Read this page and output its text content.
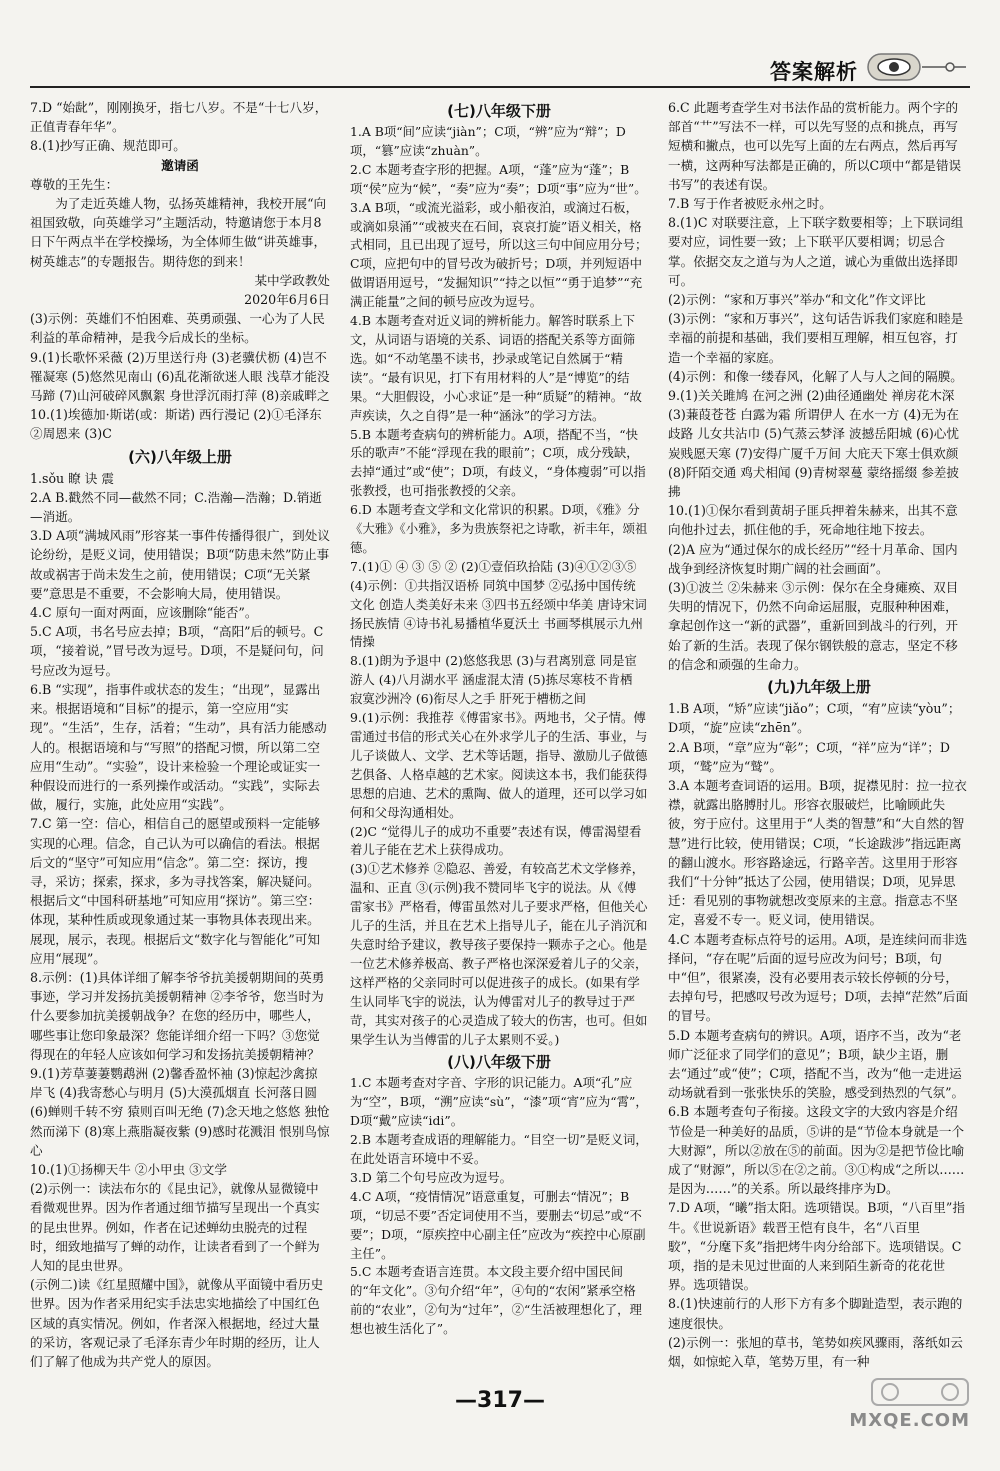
答案解析

7.D “始龀”，刚刚换牙，指七八岁。不是“十七八岁，正值青春年华”。

8.(1)抄写正确、规范即可。

邀请函

尊敬的王先生：

为了走近英雄人物，弘扬英雄精神，我校开展“向祖国致敬，向英雄学习”主题活动，特邀请您于本月8日下午两点半在学校操场，为全体师生做“讲英雄事，树英雄志”的专题报告。期待您的到来！

某中学政教处

2020年6月6日

(3)示例：英雄们不怕困难、英勇顽强、一心为了人民利益的革命精神，是我今后成长的坐标。

9.(1)长歌怀采薇 (2)万里送行舟 (3)老骥伏枥 (4)岂不罹凝寒 (5)悠然见南山 (6)乱花渐欲迷人眼 浅草才能没马蹄 (7)山河破碎风飘絮 身世浮沉雨打萍 (8)亲戚畔之

10.(1)埃德加·斯诺(或：斯诺) 西行漫记 (2)①毛泽东 ②周恩来 (3)C

(六)八年级上册

1.sǒu 瞭 诀 震

2.A B.戳然不同—截然不同；C.浩瀚—浩瀚；D.销逝—消逝。

3.D A项“满城风雨”形容某一事件传播得很广，到处议论纷纷，是贬义词，使用错误；B项“防患未然”防止事故或祸害于尚未发生之前，使用错误；C项“无关紧要”意思是不重要，不会影响大局，使用错误。

4.C 原句一面对两面，应该删除“能否”。

5.C A项，书名号应去掉；B项，“高阳”后的顿号。C项，“接着说，”冒号改为逗号。D项，不是疑问句，问号应改为逗号。

6.B “实现”，指事件或状态的发生；“出现”，显露出来。根据语境和“目标”的提示，第一空应用“实现”。“生活”，生存，活着；“生动”，具有活力能感动人的。根据语境和与“写照”的搭配习惯，所以第二空应用“生动”。“实验”，设计来检验一个理论或证实一种假设而进行的一系列操作或活动。“实践”，实际去做，履行，实施，此处应用“实践”。

7.C 第一空：信心，相信自己的愿望或预料一定能够实现的心理。信念，自己认为可以确信的看法。根据后文的“坚守”可知应用“信念”。第二空：探访，搜寻，采访；探索，探求，多为寻找答案，解决疑问。根据后文“中国科研基地”可知应用“探访”。第三空：体现，某种性质或现象通过某一事物具体表现出来。展现，展示，表现。根据后文“数字化与智能化”可知应用“展现”。

8.示例：(1)具体详细了解李爷爷抗美援朝期间的英勇事迹，学习并发扬抗美援朝精神 ②李爷爷，您当时为什么要参加抗美援朝战争？在您的经历中，哪些人，哪些事让您印象最深？您能详细介绍一下吗？③您觉得现在的年轻人应该如何学习和发扬抗美援朝精神？

9.(1)芳草萋萋鹦鹉洲 (2)馨香盈怀袖 (3)惊起沙禽掠岸飞 (4)我寄愁心与明月 (5)大漠孤烟直 长河落日圆 (6)蝉则千转不穷 猿则百叫无绝 (7)念天地之悠悠 独怆然而涕下 (8)寒上燕脂凝夜紫 (9)感时花溅泪 恨别鸟惊心

10.(1)①扬柳天牛 ②小甲虫 ③文学

(2)示例一：读法布尔的《昆虫记》，就像从显微镜中看微观世界。因为作者通过细节描写呈现出一个真实的昆虫世界。例如，作者在记述蝉幼虫脱壳的过程时，细致地描写了蝉的动作，让读者看到了一个鲜为人知的昆虫世界。

(示例二)读《红星照耀中国》，就像从平面镜中看历史世界。因为作者采用纪实手法忠实地描绘了中国红色区域的真实情况。例如，作者深入根据地，经过大量的采访，客观记录了毛泽东青少年时期的经历，让人们了解了他成为共产党人的原因。

(七)八年级下册

1.A B项“间”应读“jiàn”；C项，“辨”应为“辩”；D项，“篡”应读“zhuàn”。

2.C 本题考查字形的把握。A项，“蓬”应为“蓬”；B项“侯”应为“候”，“奏”应为“奏”；D项“事”应为“世”。

3.A B项，“或流光溢彩，或小船夜泊，或滴过石板，或滴如泉涌”“或被夹在石间，哀哀打旋”语义相关，格式相同，且已出现了逗号，所以这三句中间应用分号；C项，应把句中的冒号改为破折号；D项，并列短语中做谓语用逗号，“发掘知识”“持之以恒”“勇于追梦”“充满正能量”之间的顿号应改为逗号。

4.B 本题考查对近义词的辨析能力。解答时联系上下文，从词语与语境的关系、词语的搭配关系等方面筛选。如“不动笔墨不读书，抄录或笔记自然属于“精读”。“最有识见，打下有用材料的人”是“博览”的结果。“大胆假设，小心求证”是一种“质疑”的精神。“故声疾读，久之自得”是一种“涵泳”的学习方法。

5.B 本题考查病句的辨析能力。A项，搭配不当，“快乐的歌声”不能“浮现在我的眼前”；C项，成分残缺，去掉“通过”或“使”；D项，有歧义，“身体瘦弱”可以指张教授，也可指张教授的父亲。

6.D 本题考查文学和文化常识的积累。D项，《雅》分《大雅》《小雅》，多为贵族祭祀之诗歌，祈丰年，颂祖德。

7.(1)① ④ ③ ⑤ ② (2)①壹佰玖拾陆 (3)④①②③⑤ (4)示例：①共指汉语桥 同筑中国梦 ②弘扬中国传统文化 创造人类美好未来 ③四书五经颂中华美 唐诗宋词扬民族情 ④诗书礼易播植华夏沃土 书画琴棋展示九州情操

8.(1)朗为予退中 (2)悠悠我思 (3)与君离别意 同是宦游人 (4)八月湖水平 涵虚混太清 (5)拣尽寒枝不肯栖 寂寞沙洲冷 (6)衔尽人之手 肝死于槽枥之间

9.(1)示例：我推荐《傅雷家书》。两地书，父子情。傅雷通过书信的形式关心在外求学儿子的生活、事业，与儿子谈做人、文学、艺术等话题，指导、激励儿子做德艺俱备、人格卓越的艺术家。阅读这本书，我们能获得思想的启迪、艺术的熏陶、做人的道理，还可以学习如何和父母沟通相处。

(2)C “觉得儿子的成功不重要”表述有误，傅雷渴望看着儿子能在艺术上获得成功。

(3)①艺术修养 ②隐忍、善爱，有较高艺术文学修养，温和、正直 ③(示例)我不赞同毕飞宇的说法。从《傅雷家书》严格看，傅雷虽然对儿子要求严格，但他关心儿子的生活，并且在艺术上指导儿子，能在儿子消沉和失意时给予建议，教导孩子要保持一颗赤子之心。他是一位艺术修养极高、教子严格也深深爱着儿子的父亲，这样严格的父亲同时可以促进孩子的成长。(如果有学生认同毕飞宇的说法，认为傅雷对儿子的教导过于严苛，其实对孩子的心灵造成了较大的伤害，也可。但如果学生认为当傅雷的儿子太累则不妥。)

(八)八年级下册

1.C 本题考查对字音、字形的识记能力。A项“孔”应为“空”，B项，“溯”应读“sù”，“漆”项“宵”应为“霄”，D项“戴”应读“idi”。

2.B 本题考查成语的理解能力。“目空一切”是贬义词，在此处语言环境中不妥。

3.D 第二个句号应改为逗号。

4.C A项，“疫情情况”语意重复，可删去“情况”；B项，“切忌不要”否定词使用不当，要删去“切忌”或“不要”；D项，“原疾控中心副主任”应改为“疾控中心原副主任”。

5.C 本题考查语言连贯。本文段主要介绍中国民间的“年文化”。③句介绍“年”，④句的“农闲”紧承空格前的“农业”，②句为“过年”，②“生活被理想化了，理想也被生活化了”。

6.C 此题考查学生对书法作品的赏析能力。两个字的部首“艹”写法不一样，可以先写竖的点和挑点，再写短横和撇点，也可以先写上面的左右两点，然后再写一横，这两种写法都是正确的，所以C项中“都是错误书写”的表述有误。

7.B 写于作者被贬永州之时。

8.(1)C 对联要注意，上下联字数要相等；上下联词组要对应，词性要一致；上下联平仄要相调；切忌合掌。依据交友之道与为人之道，诚心为重做出选择即可。

(2)示例：“家和万事兴”举办“和文化”作文评比

(3)示例：“家和万事兴”，这句话告诉我们家庭和睦是幸福的前提和基础，我们要相互理解，相互包容，打造一个幸福的家庭。

(4)示例：和像一缕春风，化解了人与人之间的隔膜。

9.(1)关关雎鸠 在河之洲 (2)曲径通幽处 禅房花木深 (3)蒹葭苍苍 白露为霜 所谓伊人 在水一方 (4)无为在歧路 儿女共沾巾 (5)气蒸云梦泽 波撼岳阳城 (6)心忧炭贱愿天寒 (7)安得广厦千万间 大庇天下寒士俱欢颜 (8)阡陌交通 鸡犬相闻 (9)青树翠蔓 蒙络摇缀 参差披拂

10.(1)①保尔看到黄胡子匪兵押着朱赫来，出其不意向他扑过去，抓住他的手，死命地往地下按去。

(2)A 应为“通过保尔的成长经历”“经十月革命、国内战争到经济恢复时期广阔的社会画面”。

(3)①波兰 ②朱赫来 ③示例：保尔在全身瘫痪、双目失明的情况下，仍然不向命运屈服，克服种种困难，拿起创作这一“新的武器”，重新回到战斗的行列，开始了新的生活。表现了保尔钢铁般的意志，坚定不移的信念和顽强的生命力。

(九)九年级上册

1.B A项，“矫”应读“jiǎo”；C项，“宥”应读“yòu”；D项，“旋”应读“zhēn”。

2.A B项，“章”应为“彰”；C项，“祥”应为“详”；D项，“鹫”应为“鹫”。

3.A 本题考查词语的运用。B项，捉襟见肘：拉一拉衣襟，就露出胳膊肘儿。形容衣服破烂，比喻顾此失彼，穷于应付。这里用于“人类的智慧”和“大自然的智慧”进行比较，使用错误；C项，“长途跋涉”指远距离的翻山渡水。形容路途远，行路辛苦。这里用于形容我们“十分钟”抵达了公园，使用错误；D项，见异思迁：看见别的事物就想改变原来的主意。指意志不坚定，喜爱不专一。贬义词，使用错误。

4.C 本题考查标点符号的运用。A项，是连续问而非选择问，“存在呢”后面的逗号应改为问号；B项，句中“但”，很紧凑，没有必要用表示较长停顿的分号，去掉句号，把感叹号改为逗号；D项，去掉“茫然”后面的冒号。

5.D 本题考查病句的辨识。A项，语序不当，改为“老师广泛征求了同学们的意见”；B项，缺少主语，删去“通过”或“使”；C项，搭配不当，改为“他一走进运动场就看到一张张快乐的笑脸，感受到热烈的气氛”。

6.B 本题考查句子衔接。这段文字的大致内容是介绍节俭是一种美好的品质，⑤讲的是“节俭本身就是一个大财源”，所以②放在⑤的前面。因为②是把节俭比喻成了“财源”，所以⑤在②之前。③①构成“之所以……是因为……”的关系。所以最终排序为D。

7.D A项，“曦”指太阳。选项错误。B项，“八百里”指牛。《世说新语》载晋王恺有良牛，名“八百里駮”，“分麾下炙”指把烤牛肉分给部下。选项错误。C项，指的是未见过世面的人来到陌生新奇的花花世界。选项错误。

8.(1)快速前行的人形下方有多个脚趾造型，表示跑的速度很快。

(2)示例一：张旭的草书，笔势如疾风骤雨，落纸如云烟，如惊蛇入草，笔势万里，有一种

—317—
MXQE.COM
